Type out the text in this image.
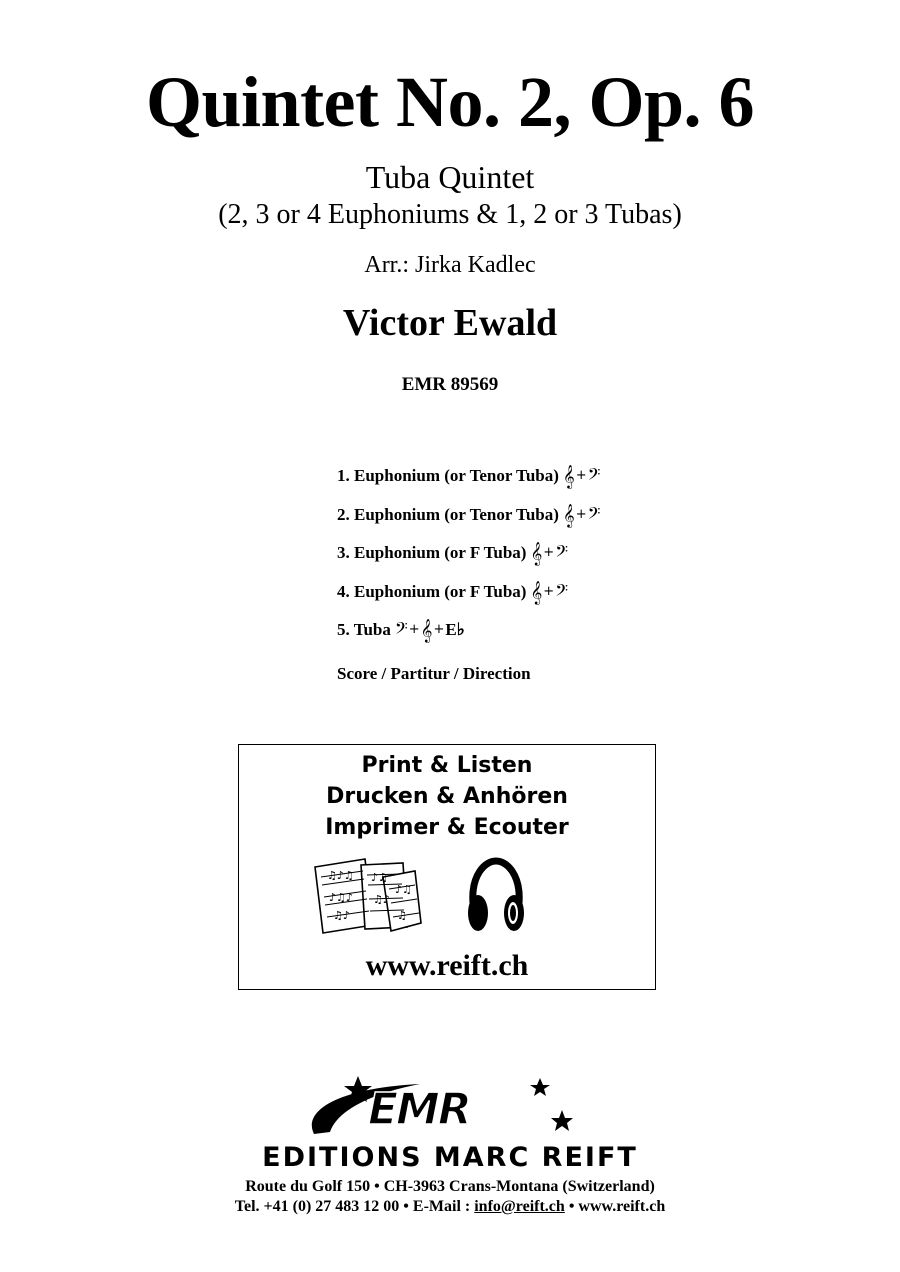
Quintet No. 2, Op. 6
Tuba Quintet
(2, 3 or 4 Euphoniums & 1, 2 or 3 Tubas)
Arr.: Jirka Kadlec
Victor Ewald
EMR 89569
1. Euphonium (or Tenor Tuba) 𝄞 + 𝄢
2. Euphonium (or Tenor Tuba) 𝄞 + 𝄢
3. Euphonium (or F Tuba) 𝄞 + 𝄢
4. Euphonium (or F Tuba) 𝄞 + 𝄢
5. Tuba 𝄢 + 𝄞 + E♭
Score / Partitur / Direction
Print & Listen
Drucken & Anhören
Imprimer & Ecouter
♫♪♫
♪♫♪
♫♪
♪♫
♫♪
♪♫
♫
www.reift.ch
EMR
EDITIONS MARC REIFT
Route du Golf 150 • CH-3963 Crans-Montana (Switzerland)
Tel. +41 (0) 27 483 12 00 • E-Mail : info@reift.ch • www.reift.ch
